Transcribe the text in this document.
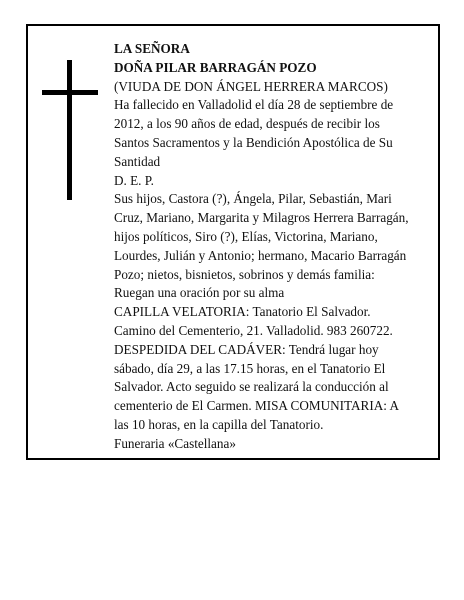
LA SEÑORA
DOÑA PILAR BARRAGÁN POZO
(VIUDA DE DON ÁNGEL HERRERA MARCOS)
Ha fallecido en Valladolid el día 28 de septiembre de 2012, a los 90 años de edad, después de recibir los Santos Sacramentos y la Bendición Apostólica de Su Santidad
D. E. P.
Sus hijos, Castora (?), Ángela, Pilar, Sebastián, Mari Cruz, Mariano, Margarita y Milagros Herrera Barragán, hijos políticos, Siro (?), Elías, Victorina, Mariano, Lourdes, Julián y Antonio; hermano, Macario Barragán Pozo; nietos, bisnietos, sobrinos y demás familia:
Ruegan una oración por su alma
CAPILLA VELATORIA: Tanatorio El Salvador. Camino del Cementerio, 21. Valladolid. 983 260722.
DESPEDIDA DEL CADÁVER: Tendrá lugar hoy sábado, día 29, a las 17.15 horas, en el Tanatorio El Salvador. Acto seguido se realizará la conducción al cementerio de El Carmen. MISA COMUNITARIA: A las 10 horas, en la capilla del Tanatorio.
Funeraria «Castellana»
